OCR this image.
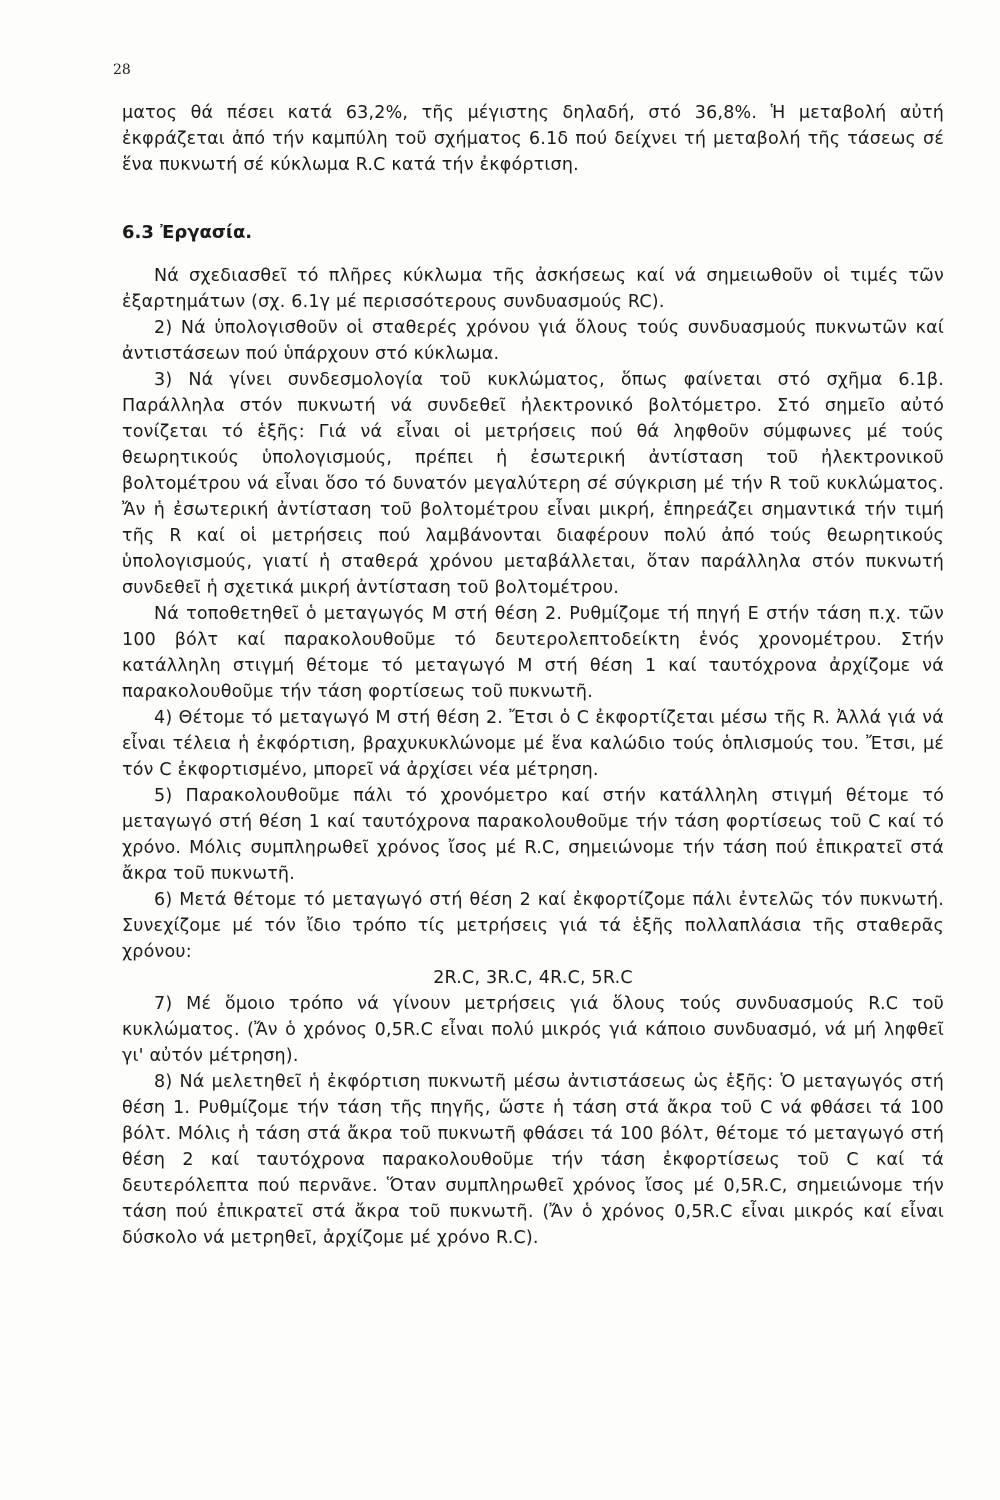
28

ματος θά πέσει κατά 63,2%, τῆς μέγιστης δηλαδή, στό 36,8%. Ἡ μεταβολή αὐτή ἐκφράζεται ἀπό τήν καμπύλη τοῦ σχήματος 6.1δ πού δείχνει τή μεταβολή τῆς τάσεως σέ ἕνα πυκνωτή σέ κύκλωμα R.C κατά τήν ἐκφόρτιση.

6.3 Ἐργασία.

Νά σχεδιασθεῖ τό πλῆρες κύκλωμα τῆς ἀσκήσεως καί νά σημειωθοῦν οἱ τιμές τῶν ἐξαρτημάτων (σχ. 6.1γ μέ περισσότερους συνδυασμούς RC).

2) Νά ὑπολογισθοῦν οἱ σταθερές χρόνου γιά ὅλους τούς συνδυασμούς πυκνωτῶν καί ἀντιστάσεων πού ὑπάρχουν στό κύκλωμα.

3) Νά γίνει συνδεσμολογία τοῦ κυκλώματος, ὅπως φαίνεται στό σχῆμα 6.1β. Παράλληλα στόν πυκνωτή νά συνδεθεῖ ἠλεκτρονικό βολτόμετρο. Στό σημεῖο αὐτό τονίζεται τό ἑξῆς: Γιά νά εἶναι οἱ μετρήσεις πού θά ληφθοῦν σύμφωνες μέ τούς θεωρητικούς ὑπολογισμούς, πρέπει ἡ ἐσωτερική ἀντίσταση τοῦ ἠλεκτρονικοῦ βολτομέτρου νά εἶναι ὅσο τό δυνατόν μεγαλύτερη σέ σύγκριση μέ τήν R τοῦ κυκλώματος. Ἄν ἡ ἐσωτερική ἀντίσταση τοῦ βολτομέτρου εἶναι μικρή, ἐπηρεάζει σημαντικά τήν τιμή τῆς R καί οἱ μετρήσεις πού λαμβάνονται διαφέρουν πολύ ἀπό τούς θεωρητικούς ὑπολογισμούς, γιατί ἡ σταθερά χρόνου μεταβάλλεται, ὅταν παράλληλα στόν πυκνωτή συνδεθεῖ ἡ σχετικά μικρή ἀντίσταση τοῦ βολτομέτρου.

Νά τοποθετηθεῖ ὁ μεταγωγός Μ στή θέση 2. Ρυθμίζομε τή πηγή Ε στήν τάση π.χ. τῶν 100 βόλτ καί παρακολουθοῦμε τό δευτερολεπτοδείκτη ἑνός χρονομέτρου. Στήν κατάλληλη στιγμή θέτομε τό μεταγωγό Μ στή θέση 1 καί ταυτόχρονα ἀρχίζομε νά παρακολουθοῦμε τήν τάση φορτίσεως τοῦ πυκνωτῆ.

4) Θέτομε τό μεταγωγό Μ στή θέση 2. Ἔτσι ὁ C ἐκφορτίζεται μέσω τῆς R. Ἀλλά γιά νά εἶναι τέλεια ἡ ἐκφόρτιση, βραχυκυκλώνομε μέ ἕνα καλώδιο τούς ὁπλισμούς του. Ἔτσι, μέ τόν C ἐκφορτισμένο, μπορεῖ νά ἀρχίσει νέα μέτρηση.

5) Παρακολουθοῦμε πάλι τό χρονόμετρο καί στήν κατάλληλη στιγμή θέτομε τό μεταγωγό στή θέση 1 καί ταυτόχρονα παρακολουθοῦμε τήν τάση φορτίσεως τοῦ C καί τό χρόνο. Μόλις συμπληρωθεῖ χρόνος ἴσος μέ R.C, σημειώνομε τήν τάση πού ἐπικρατεῖ στά ἄκρα τοῦ πυκνωτῆ.

6) Μετά θέτομε τό μεταγωγό στή θέση 2 καί ἐκφορτίζομε πάλι ἐντελῶς τόν πυκνωτή. Συνεχίζομε μέ τόν ἴδιο τρόπο τίς μετρήσεις γιά τά ἑξῆς πολλαπλάσια τῆς σταθερᾶς χρόνου:

2R.C, 3R.C, 4R.C, 5R.C

7) Μέ ὅμοιο τρόπο νά γίνουν μετρήσεις γιά ὅλους τούς συνδυασμούς R.C τοῦ κυκλώματος. (Ἄν ὁ χρόνος 0,5R.C εἶναι πολύ μικρός γιά κάποιο συνδυασμό, νά μή ληφθεῖ γι' αὐτόν μέτρηση).

8) Νά μελετηθεῖ ἡ ἐκφόρτιση πυκνωτῆ μέσω ἀντιστάσεως ὡς ἑξῆς: Ὁ μεταγωγός στή θέση 1. Ρυθμίζομε τήν τάση τῆς πηγῆς, ὥστε ἡ τάση στά ἄκρα τοῦ C νά φθάσει τά 100 βόλτ. Μόλις ἡ τάση στά ἄκρα τοῦ πυκνωτῆ φθάσει τά 100 βόλτ, θέτομε τό μεταγωγό στή θέση 2 καί ταυτόχρονα παρακολουθοῦμε τήν τάση ἐκφορτίσεως τοῦ C καί τά δευτερόλεπτα πού περνᾶνε. Ὅταν συμπληρωθεῖ χρόνος ἴσος μέ 0,5R.C, σημειώνομε τήν τάση πού ἐπικρατεῖ στά ἄκρα τοῦ πυκνωτῆ. (Ἄν ὁ χρόνος 0,5R.C εἶναι μικρός καί εἶναι δύσκολο νά μετρηθεῖ, ἀρχίζομε μέ χρόνο R.C).
